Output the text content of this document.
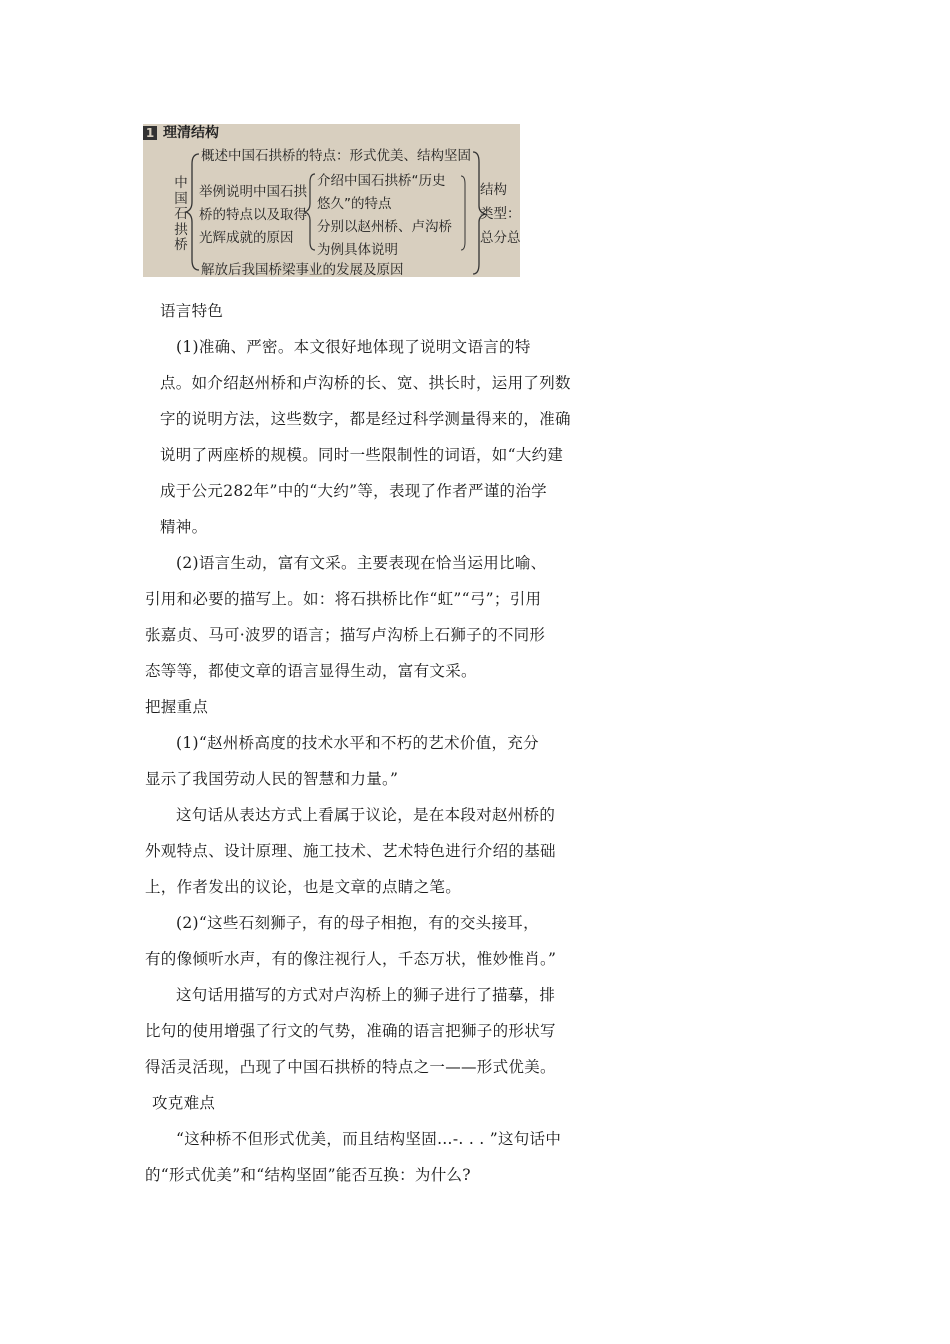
1 理清结构
中
国
石
拱
桥
概述中国石拱桥的特点：形式优美、结构坚固
举例说明中国石拱
桥的特点以及取得
光辉成就的原因
介绍中国石拱桥“历史
悠久”的特点
分别以赵州桥、卢沟桥
为例具体说明
解放后我国桥梁事业的发展及原因
结构
类型：
总分总
语言特色
(1)准确、严密。本文很好地体现了说明文语言的特
点。如介绍赵州桥和卢沟桥的长、宽、拱长时，运用了列数
字的说明方法，这些数字，都是经过科学测量得来的，准确
说明了两座桥的规模。同时一些限制性的词语，如“大约建
成于公元282年”中的“大约”等，表现了作者严谨的治学
精神。
(2)语言生动，富有文采。主要表现在恰当运用比喻、
引用和必要的描写上。如：将石拱桥比作“虹”“弓”；引用
张嘉贞、马可·波罗的语言；描写卢沟桥上石狮子的不同形
态等等，都使文章的语言显得生动，富有文采。
把握重点
(1)“赵州桥高度的技术水平和不朽的艺术价值，充分
显示了我国劳动人民的智慧和力量。”
这句话从表达方式上看属于议论，是在本段对赵州桥的
外观特点、设计原理、施工技术、艺术特色进行介绍的基础
上，作者发出的议论，也是文章的点睛之笔。
(2)“这些石刻狮子，有的母子相抱，有的交头接耳，
有的像倾听水声，有的像注视行人，千态万状，惟妙惟肖。”
这句话用描写的方式对卢沟桥上的狮子进行了描摹，排
比句的使用增强了行文的气势，准确的语言把狮子的形状写
得活灵活现，凸现了中国石拱桥的特点之一——形式优美。
攻克难点
“这种桥不但形式优美，而且结构坚固…-. . . ”这句话中
的“形式优美”和“结构坚固”能否互换：为什么?
